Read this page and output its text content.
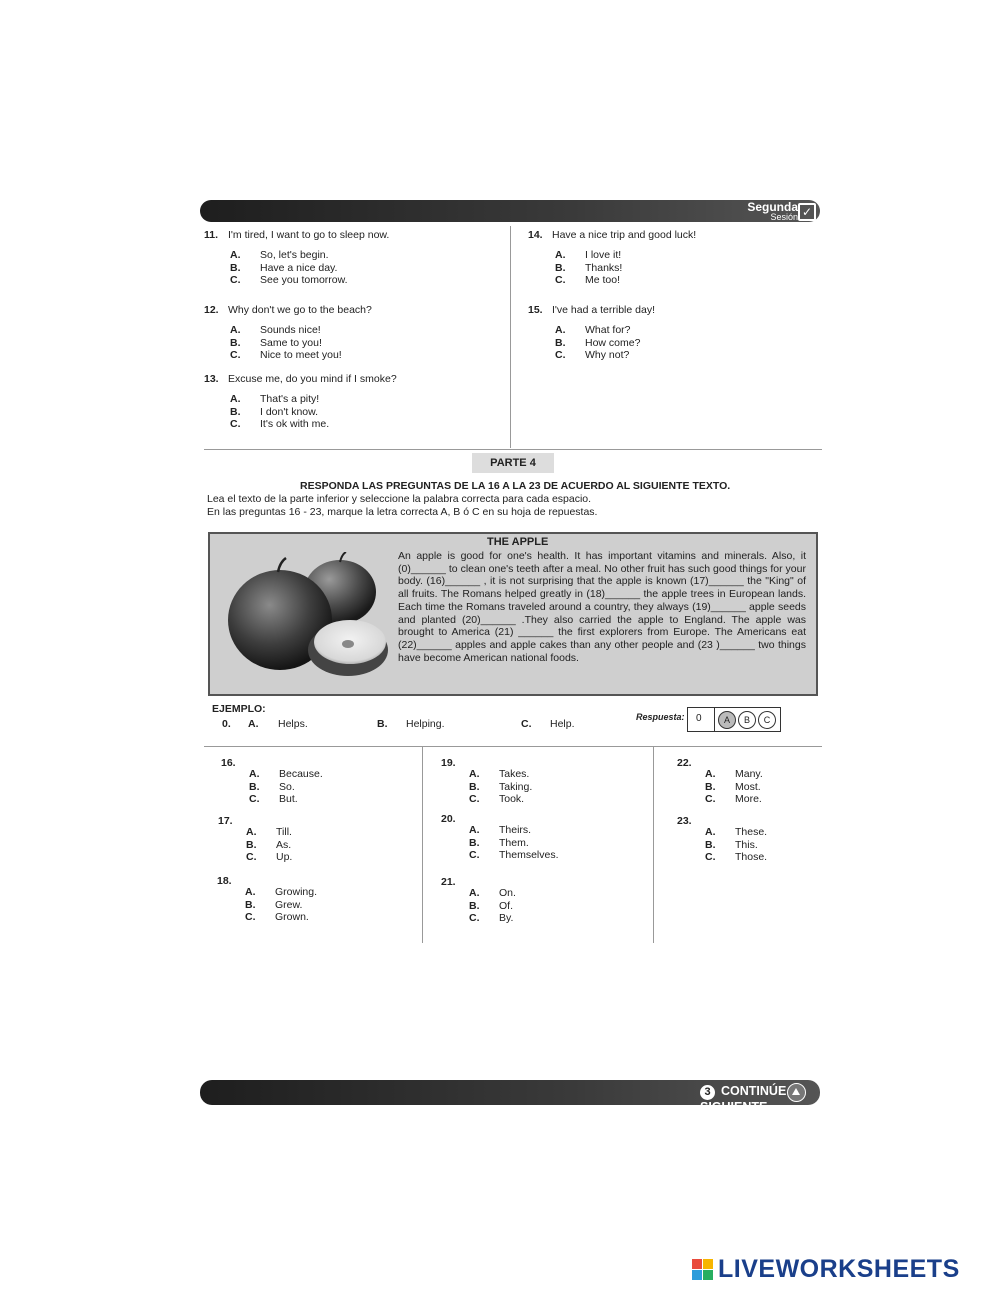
Segunda
Sesión ✓
11. I'm tired, I want to go to sleep now.
A.	So, let's begin.
B.	Have a nice day.
C.	See you tomorrow.
12. Why don't we go to the beach?
A.	Sounds nice!
B.	Same to you!
C.	Nice to meet you!
13. Excuse me, do you mind if I smoke?
A.	That's a pity!
B.	I don't know.
C.	It's ok with me.
14. Have a nice trip and good luck!
A.	I love it!
B.	Thanks!
C.	Me too!
15. I've had a terrible day!
A.	What for?
B.	How come?
C.	Why not?
PARTE 4
RESPONDA LAS PREGUNTAS DE LA 16 A LA 23 DE ACUERDO AL SIGUIENTE TEXTO.
Lea el texto de la parte inferior y seleccione la palabra correcta para cada espacio.
En las preguntas 16 - 23, marque la letra correcta A, B ó C en su hoja de repuestas.
THE APPLE
An apple is good for one's health. It has important vitamins and minerals. Also, it (0)______ to clean one's teeth after a meal. No other fruit has such good things for your body. (16)______ , it is not surprising that the apple is known (17)______ the "King" of all fruits. The Romans helped greatly in (18)______ the apple trees in European lands. Each time the Romans traveled around a country, they always (19)______ apple seeds and planted (20)______ .They also carried the apple to England. The apple was brought to America (21) ______ the first explorers from Europe. The Americans eat (22)______ apples and apple cakes than any other people and (23 )______ two things have become American national foods.
EJEMPLO:
0. A. Helps.	B. Helping.	C. Help.
Respuesta: 0	A	B	C
16.
A.	Because.
B.	So.
C.	But.
17.
A.	Till.
B.	As.
C.	Up.
18.
A.	Growing.
B.	Grew.
C.	Grown.
19.
A.	Takes.
B.	Taking.
C.	Took.
20.
A.	Theirs.
B.	Them.
C.	Themselves.
21.
A.	On.
B.	Of.
C.	By.
22.
A.	Many.
B.	Most.
C.	More.
23.
A.	These.
B.	This.
C.	Those.
3 CONTINÚE SIGUIENTE PLIEGUE (arriba)
LIVEWORKSHEETS
